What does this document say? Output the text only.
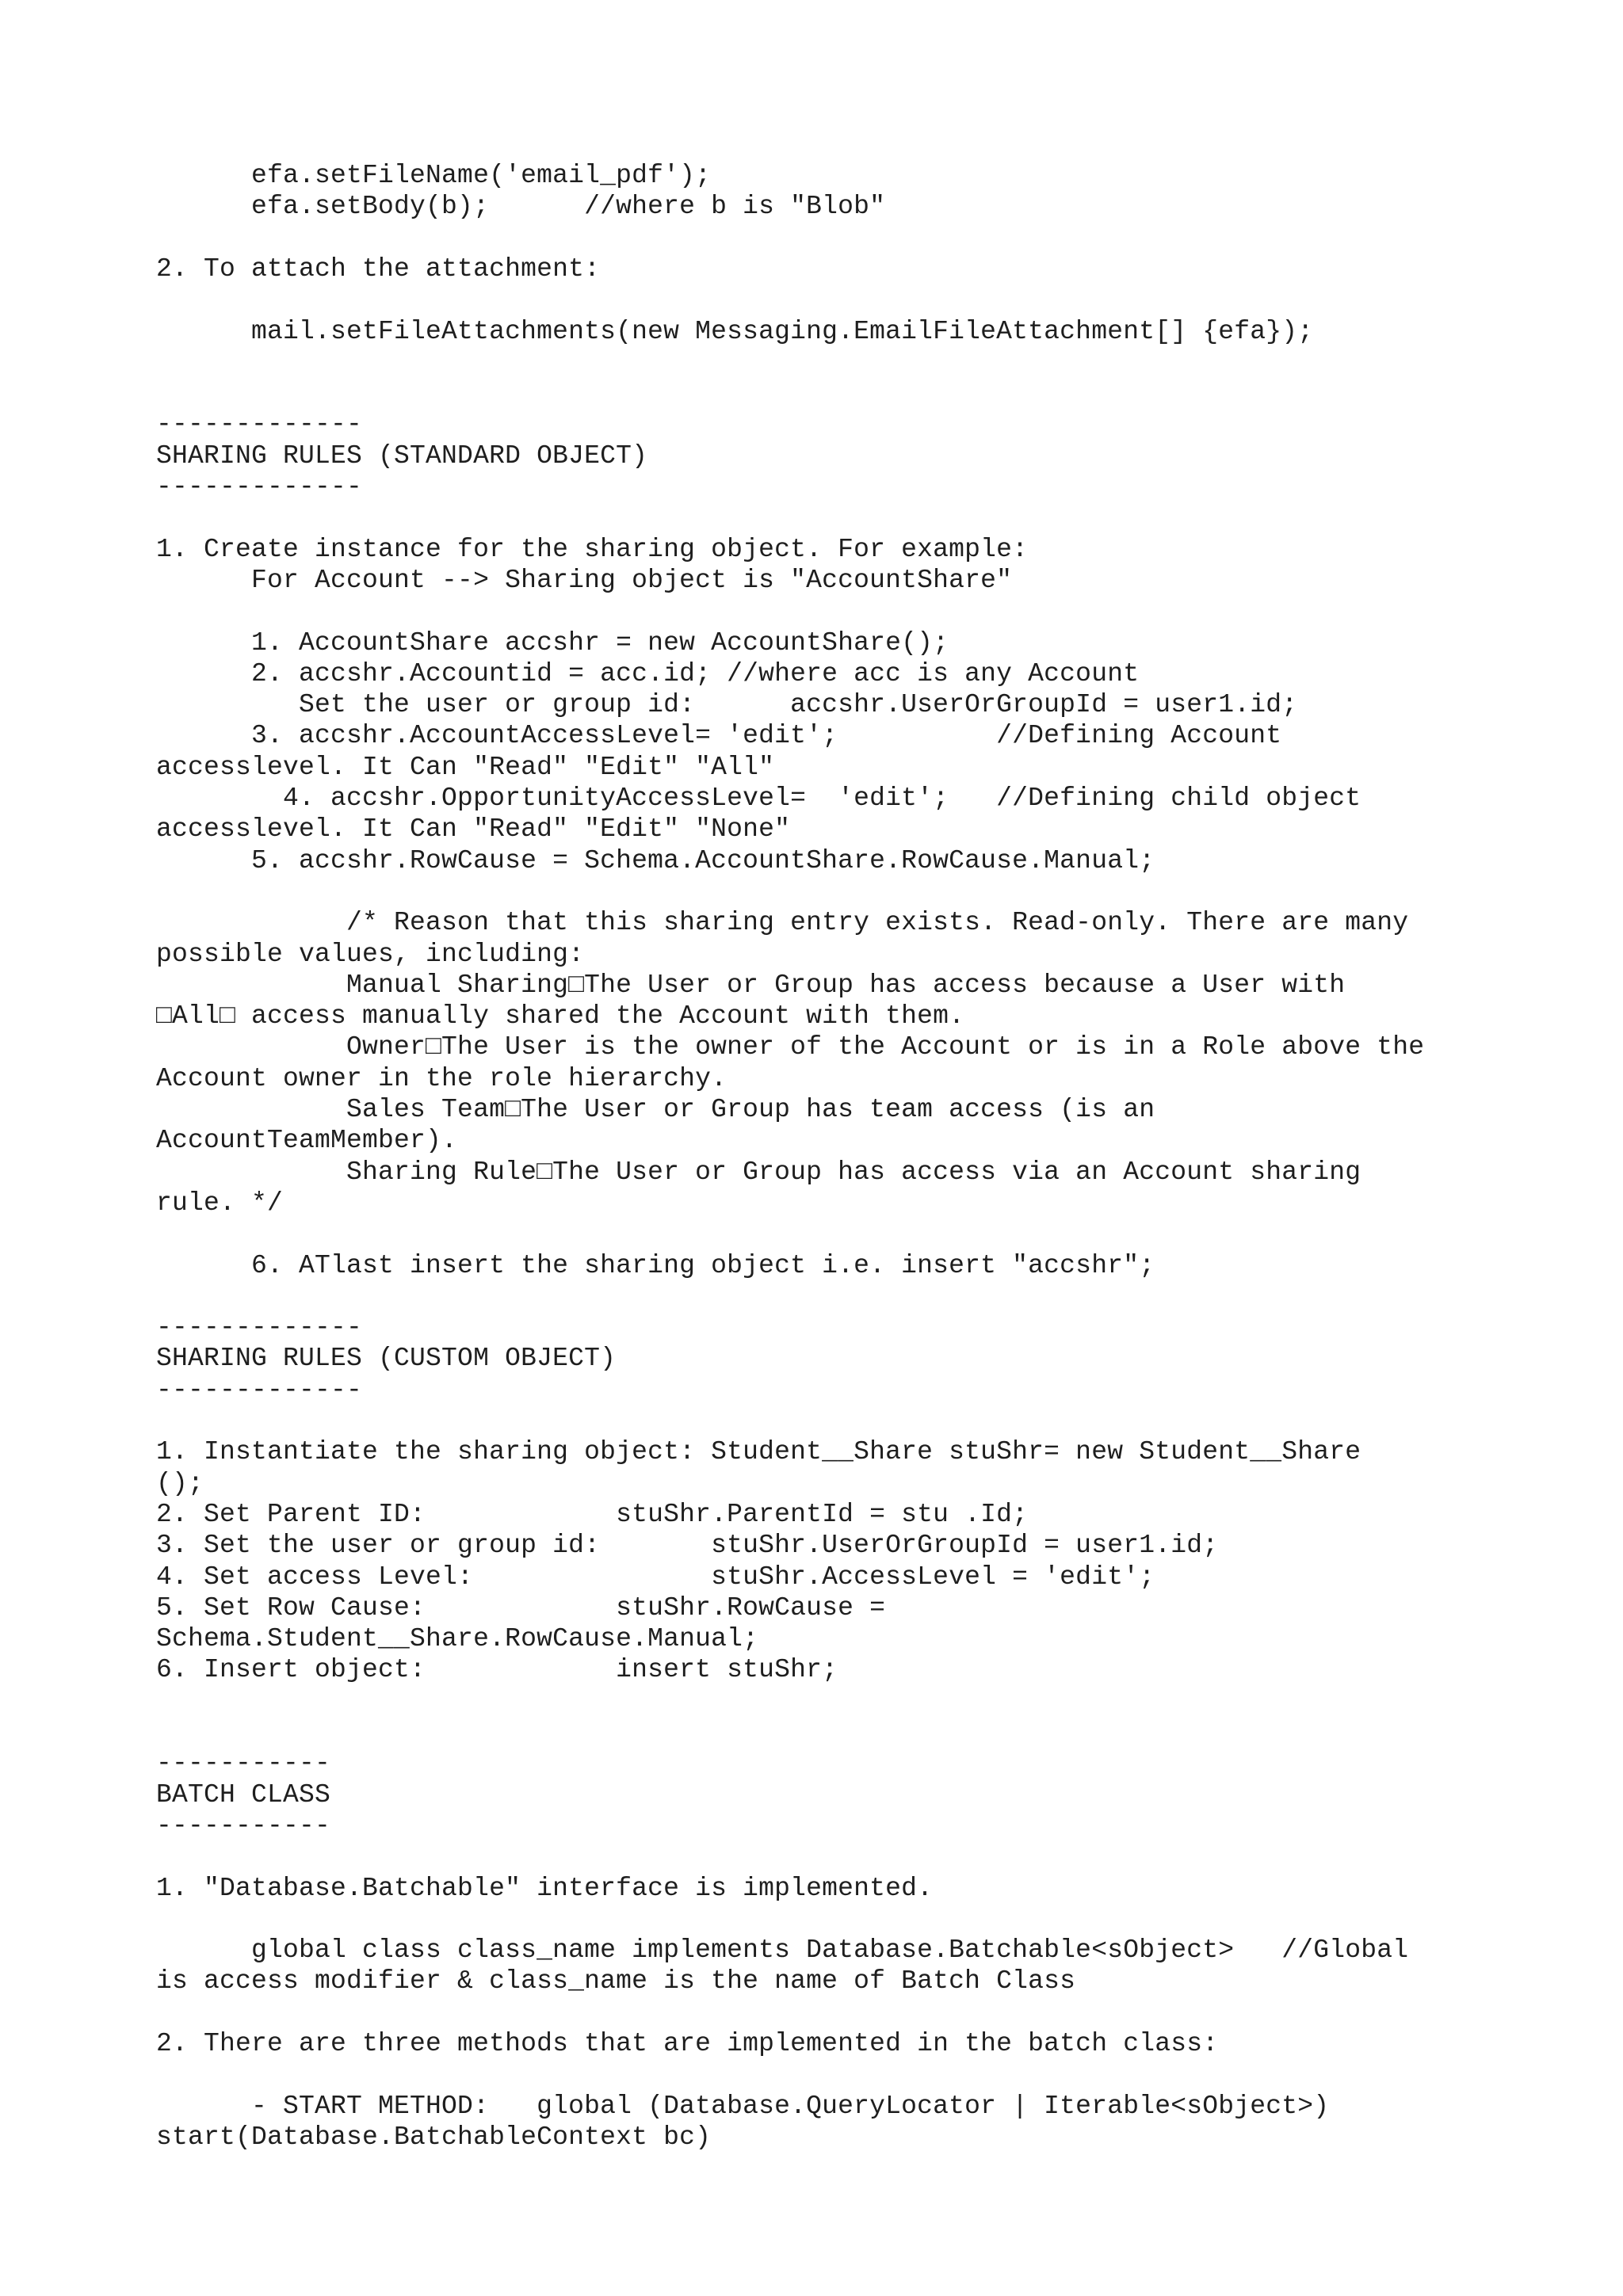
efa.setFileName('email_pdf');
efa.setBody(b);      //where b is "Blob"
2. To attach the attachment:
mail.setFileAttachments(new Messaging.EmailFileAttachment[] {efa});
-------------
SHARING RULES (STANDARD OBJECT)
-------------
1. Create instance for the sharing object. For example:
For Account --> Sharing object is "AccountShare"
1. AccountShare accshr = new AccountShare();
2. accshr.Accountid = acc.id; //where acc is any Account
Set the user or group id:      accshr.UserOrGroupId = user1.id;
3. accshr.AccountAccessLevel= 'edit';          //Defining Account
accesslevel. It Can "Read" "Edit" "All"
4. accshr.OpportunityAccessLevel=  'edit';   //Defining child object
accesslevel. It Can "Read" "Edit" "None"
5. accshr.RowCause = Schema.AccountShare.RowCause.Manual;
/* Reason that this sharing entry exists. Read-only. There are many
possible values, including:
Manual Sharing□The User or Group has access because a User with
□All□ access manually shared the Account with them.
Owner□The User is the owner of the Account or is in a Role above the
Account owner in the role hierarchy.
Sales Team□The User or Group has team access (is an
AccountTeamMember).
Sharing Rule□The User or Group has access via an Account sharing
rule. */
6. ATlast insert the sharing object i.e. insert "accshr";
-------------
SHARING RULES (CUSTOM OBJECT)
-------------
1. Instantiate the sharing object: Student__Share stuShr= new Student__Share
();
2. Set Parent ID:            stuShr.ParentId = stu .Id;
3. Set the user or group id:       stuShr.UserOrGroupId = user1.id;
4. Set access Level:               stuShr.AccessLevel = 'edit';
5. Set Row Cause:            stuShr.RowCause =
Schema.Student__Share.RowCause.Manual;
6. Insert object:            insert stuShr;
-----------
BATCH CLASS
-----------
1. "Database.Batchable" interface is implemented.
global class class_name implements Database.Batchable<sObject>   //Global
is access modifier & class_name is the name of Batch Class
2. There are three methods that are implemented in the batch class:
- START METHOD:   global (Database.QueryLocator | Iterable<sObject>)
start(Database.BatchableContext bc)
